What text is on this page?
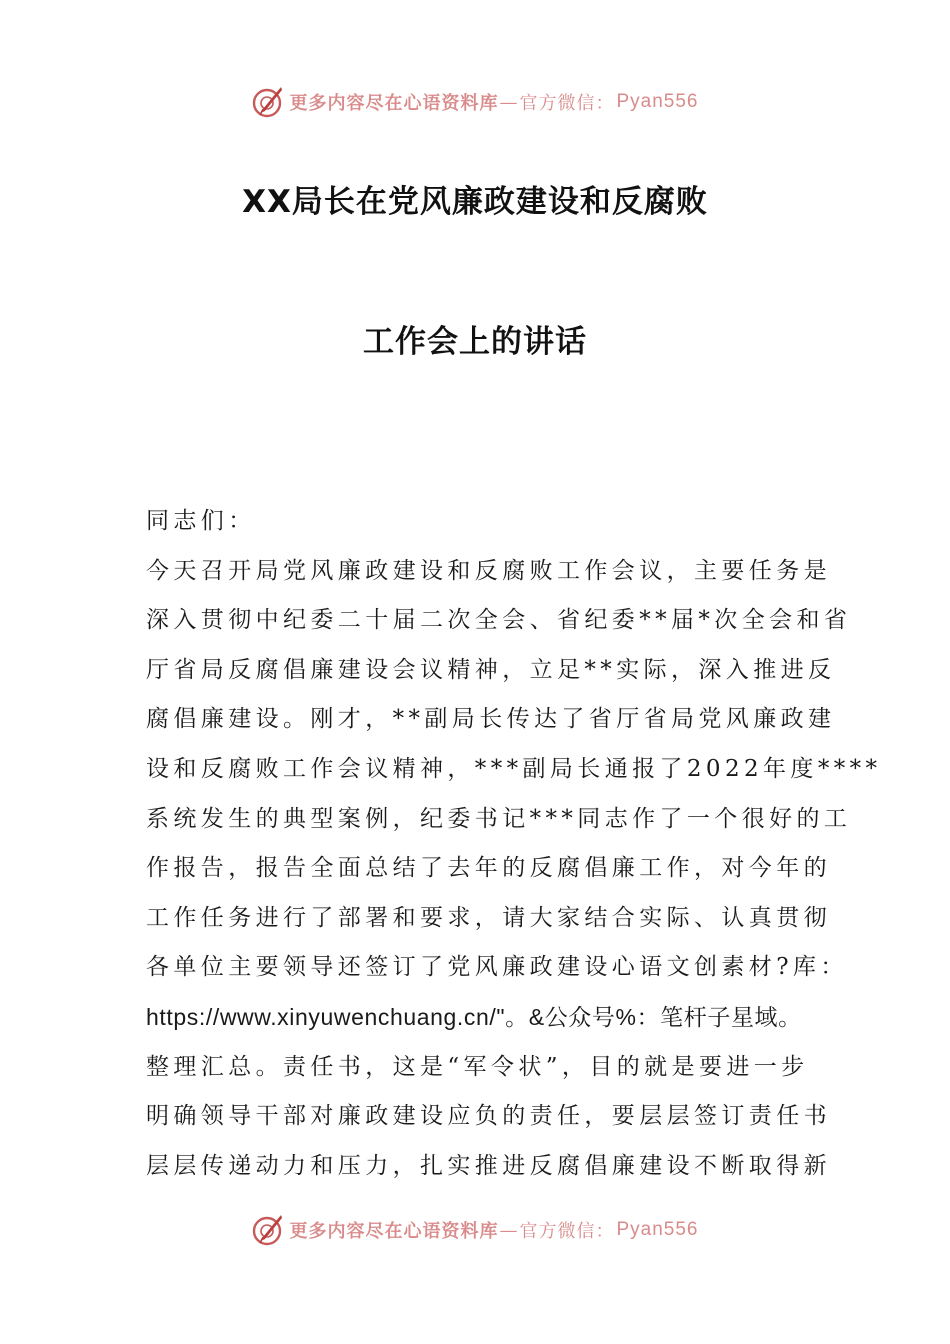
更多内容尽在心语资料库 — 官方微信： Pyan556
XX局长在党风廉政建设和反腐败
工作会上的讲话
同志们：
今天召开局党风廉政建设和反腐败工作会议，主要任务是
深入贯彻中纪委二十届二次全会、省纪委**届*次全会和省
厅省局反腐倡廉建设会议精神，立足**实际，深入推进反
腐倡廉建设。刚才，**副局长传达了省厅省局党风廉政建
设和反腐败工作会议精神，***副局长通报了2022年度****
系统发生的典型案例，纪委书记***同志作了一个很好的工
作报告，报告全面总结了去年的反腐倡廉工作，对今年的
工作任务进行了部署和要求，请大家结合实际、认真贯彻
各单位主要领导还签订了党风廉政建设心语文创素材?库：
https://www.xinyuwenchuang.cn/"。&公众号%：笔杆子星域。
整理汇总。责任书，这是“军令状”，目的就是要进一步
明确领导干部对廉政建设应负的责任，要层层签订责任书
层层传递动力和压力，扎实推进反腐倡廉建设不断取得新
更多内容尽在心语资料库 — 官方微信： Pyan556
